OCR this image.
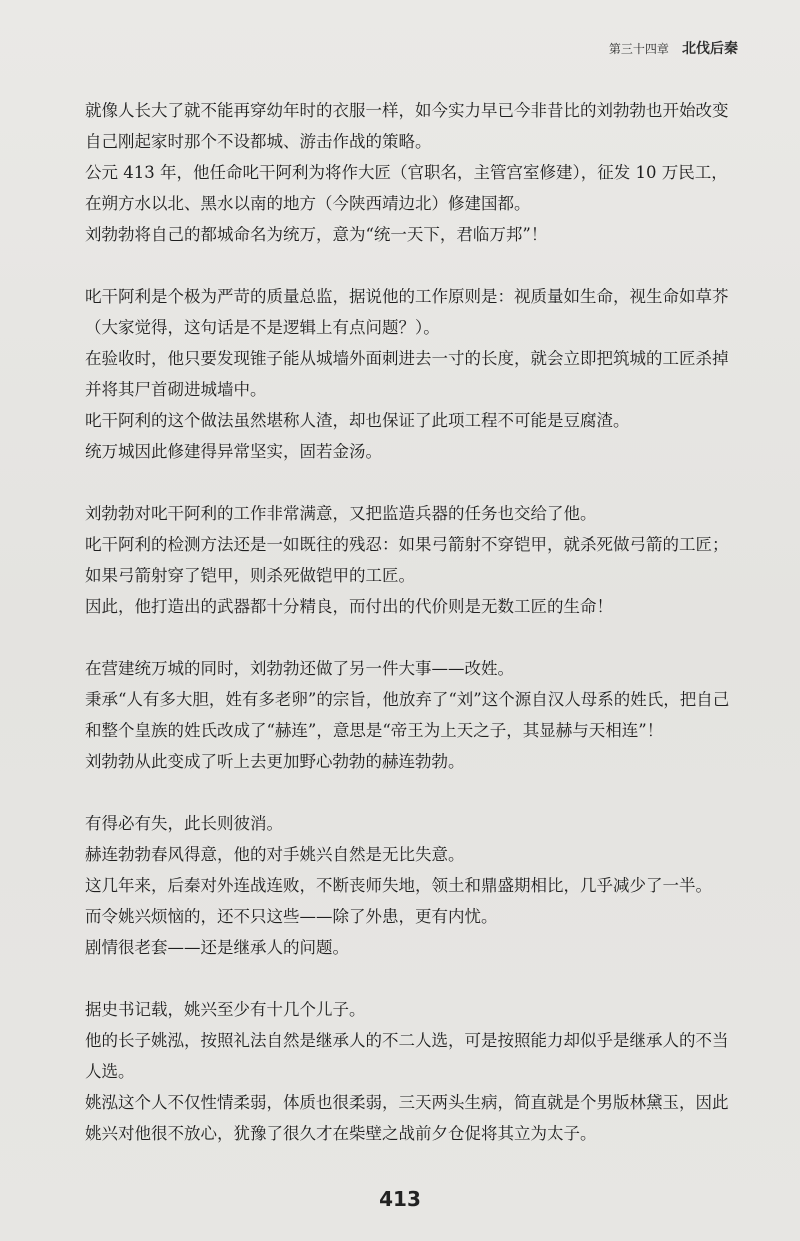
第三十四章 北伐后秦

就像人长大了就不能再穿幼年时的衣服一样，如今实力早已今非昔比的刘勃勃也开始改变自己刚起家时那个不设都城、游击作战的策略。

公元 413 年，他任命叱干阿利为将作大匠（官职名，主管宫室修建），征发 10 万民工，在朔方水以北、黑水以南的地方（今陕西靖边北）修建国都。

刘勃勃将自己的都城命名为统万，意为“统一天下，君临万邦”！

叱干阿利是个极为严苛的质量总监，据说他的工作原则是：视质量如生命，视生命如草芥（大家觉得，这句话是不是逻辑上有点问题？）。

在验收时，他只要发现锥子能从城墙外面刺进去一寸的长度，就会立即把筑城的工匠杀掉并将其尸首砌进城墙中。

叱干阿利的这个做法虽然堪称人渣，却也保证了此项工程不可能是豆腐渣。

统万城因此修建得异常坚实，固若金汤。

刘勃勃对叱干阿利的工作非常满意，又把监造兵器的任务也交给了他。

叱干阿利的检测方法还是一如既往的残忍：如果弓箭射不穿铠甲，就杀死做弓箭的工匠；如果弓箭射穿了铠甲，则杀死做铠甲的工匠。

因此，他打造出的武器都十分精良，而付出的代价则是无数工匠的生命！

在营建统万城的同时，刘勃勃还做了另一件大事——改姓。

秉承“人有多大胆，姓有多老卵”的宗旨，他放弃了“刘”这个源自汉人母系的姓氏，把自己和整个皇族的姓氏改成了“赫连”，意思是“帝王为上天之子，其显赫与天相连”！

刘勃勃从此变成了听上去更加野心勃勃的赫连勃勃。

有得必有失，此长则彼消。

赫连勃勃春风得意，他的对手姚兴自然是无比失意。

这几年来，后秦对外连战连败，不断丧师失地，领土和鼎盛期相比，几乎减少了一半。

而令姚兴烦恼的，还不只这些——除了外患，更有内忧。

剧情很老套——还是继承人的问题。

据史书记载，姚兴至少有十几个儿子。

他的长子姚泓，按照礼法自然是继承人的不二人选，可是按照能力却似乎是继承人的不当人选。

姚泓这个人不仅性情柔弱，体质也很柔弱，三天两头生病，简直就是个男版林黛玉，因此姚兴对他很不放心，犹豫了很久才在柴壁之战前夕仓促将其立为太子。

413
